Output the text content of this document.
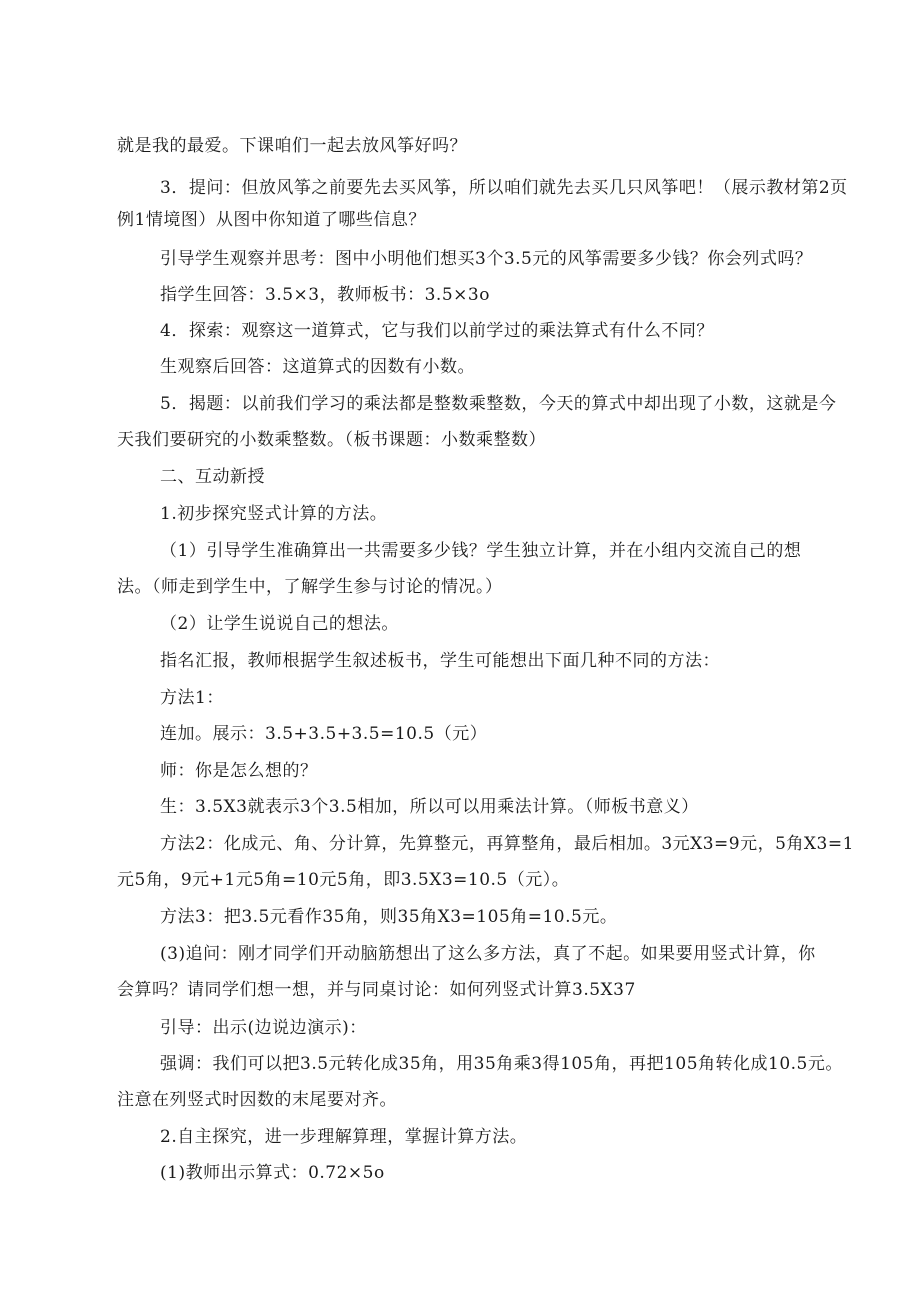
就是我的最爱。下课咱们一起去放风筝好吗？
3．提问：但放风筝之前要先去买风筝，所以咱们就先去买几只风筝吧！（展示教材第2页
例1情境图）从图中你知道了哪些信息？
引导学生观察并思考：图中小明他们想买3个3.5元的风筝需要多少钱？你会列式吗？
指学生回答：3.5×3，教师板书：3.5×3o
4．探索：观察这一道算式，它与我们以前学过的乘法算式有什么不同？
生观察后回答：这道算式的因数有小数。
5．揭题：以前我们学习的乘法都是整数乘整数，今天的算式中却出现了小数，这就是今
天我们要研究的小数乘整数。（板书课题：小数乘整数）
二、互动新授
1.初步探究竖式计算的方法。
（1）引导学生准确算出一共需要多少钱？学生独立计算，并在小组内交流自己的想
法。（师走到学生中，了解学生参与讨论的情况。）
（2）让学生说说自己的想法。
指名汇报，教师根据学生叙述板书，学生可能想出下面几种不同的方法：
方法1：
连加。展示：3.5+3.5+3.5=10.5（元）
师：你是怎么想的？
生：3.5X3就表示3个3.5相加，所以可以用乘法计算。（师板书意义）
方法2：化成元、角、分计算，先算整元，再算整角，最后相加。3元X3=9元，5角X3=1
元5角，9元+1元5角=10元5角，即3.5X3=10.5（元）。
方法3：把3.5元看作35角，则35角X3=105角=10.5元。
(3)追问：刚才同学们开动脑筋想出了这么多方法，真了不起。如果要用竖式计算，你
会算吗？请同学们想一想，并与同桌讨论：如何列竖式计算3.5X37
引导：出示(边说边演示)：
强调：我们可以把3.5元转化成35角，用35角乘3得105角，再把105角转化成10.5元。
注意在列竖式时因数的末尾要对齐。
2.自主探究，进一步理解算理，掌握计算方法。
(1)教师出示算式：0.72×5o
